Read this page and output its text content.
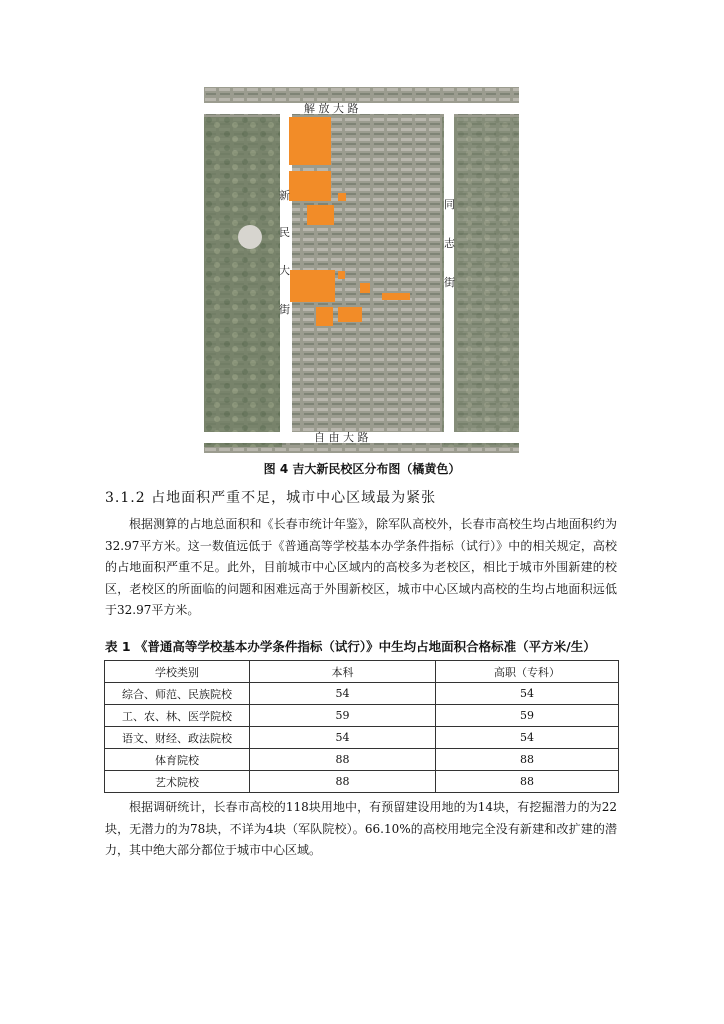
解 放 大 路
自 由 大 路
新
民
大
街
同
志
街
图 4 吉大新民校区分布图（橘黄色）
3.1.2 占地面积严重不足，城市中心区域最为紧张
根据测算的占地总面积和《长春市统计年鉴》，除军队高校外，长春市高校生均占地面积约为32.97平方米。这一数值远低于《普通高等学校基本办学条件指标（试行）》中的相关规定，高校的占地面积严重不足。此外，目前城市中心区域内的高校多为老校区，相比于城市外围新建的校区，老校区的所面临的问题和困难远高于外围新校区，城市中心区域内高校的生均占地面积远低于32.97平方米。
表 1 《普通高等学校基本办学条件指标（试行）》中生均占地面积合格标准（平方米/生）
学校类别	本科	高职（专科）
综合、师范、民族院校	54	54
工、农、林、医学院校	59	59
语文、财经、政法院校	54	54
体育院校	88	88
艺术院校	88	88
根据调研统计，长春市高校的118块用地中，有预留建设用地的为14块，有挖掘潜力的为22块，无潜力的为78块，不详为4块（军队院校）。66.10%的高校用地完全没有新建和改扩建的潜力，其中绝大部分都位于城市中心区域。
